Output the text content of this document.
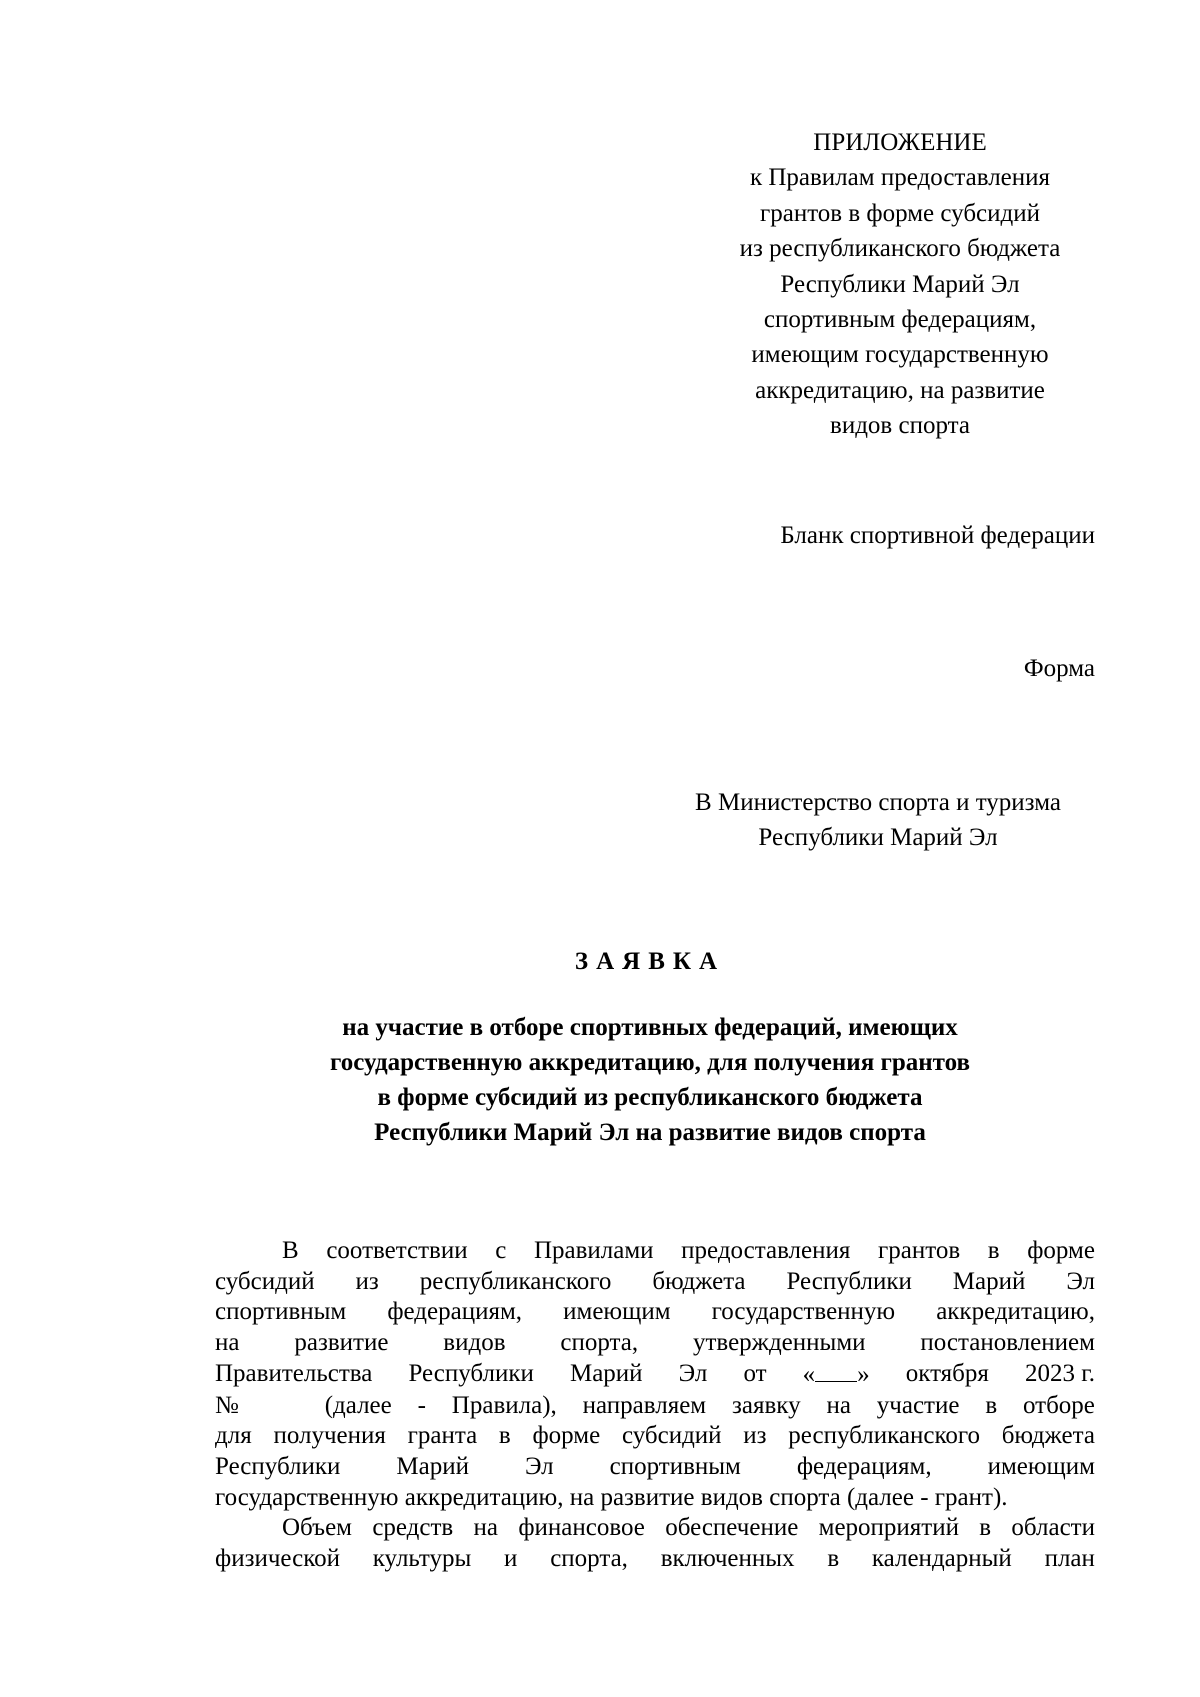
ПРИЛОЖЕНИЕ
к Правилам предоставления
грантов в форме субсидий
из республиканского бюджета
Республики Марий Эл
спортивным федерациям,
имеющим государственную
аккредитацию, на развитие
видов спорта
Бланк спортивной федерации
Форма
В Министерство спорта и туризма
Республики Марий Эл
ЗАЯВКА
на участие в отборе спортивных федераций, имеющих
государственную аккредитацию, для получения грантов
в форме субсидий из республиканского бюджета
Республики Марий Эл на развитие видов спорта
В соответствии с Правилами предоставления грантов в форме
субсидий из республиканского бюджета Республики Марий Эл
спортивным федерациям, имеющим государственную аккредитацию,
на развитие видов спорта, утвержденными постановлением
Правительства Республики Марий Эл от « » октября 2023 г.
№	(далее - Правила), направляем заявку на участие в отборе
для получения гранта в форме субсидий из республиканского бюджета
Республики Марий Эл спортивным федерациям, имеющим
государственную аккредитацию, на развитие видов спорта (далее - грант).
Объем средств на финансовое обеспечение мероприятий в области
физической культуры и спорта, включенных в календарный план
